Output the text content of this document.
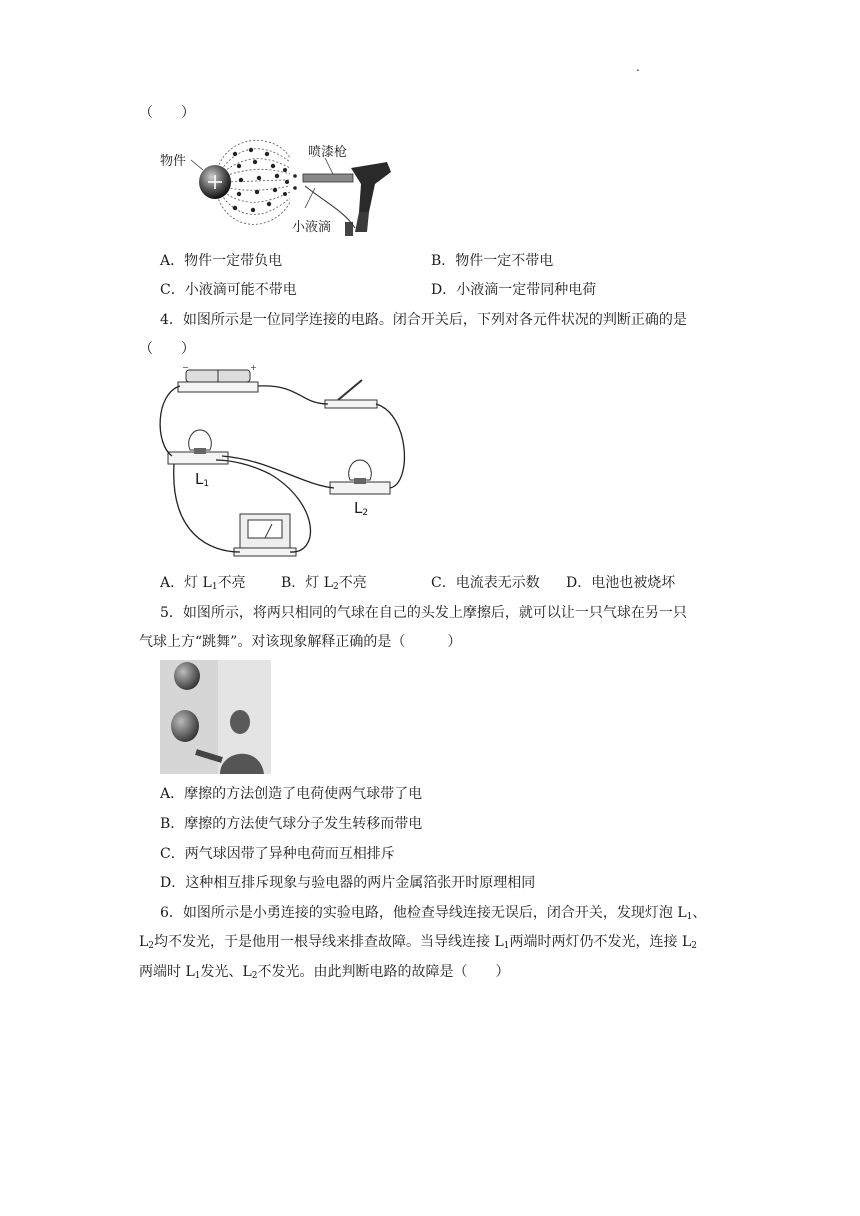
.
（　　）
物件
喷漆枪
小液滴
A．物件一定带负电	B．物件一定不带电
C．小液滴可能不带电	D．小液滴一定带同种电荷
4．如图所示是一位同学连接的电路。闭合开关后，下列对各元件状况的判断正确的是
（　　）
−	+
$L_1$
$L_2$
A．灯 $L_1$不亮	B．灯 $L_2$不亮	C．电流表无示数 D．电池也被烧坏
5．如图所示，将两只相同的气球在自己的头发上摩擦后，就可以让一只气球在另一只
气球上方“跳舞”。对该现象解释正确的是（　　　）
A．摩擦的方法创造了电荷使两气球带了电
B．摩擦的方法使气球分子发生转移而带电
C．两气球因带了异种电荷而互相排斥
D．这种相互排斥现象与验电器的两片金属箔张开时原理相同
6．如图所示是小勇连接的实验电路，他检查导线连接无误后，闭合开关，发现灯泡 $L_1$、
$L_2$均不发光，于是他用一根导线来排查故障。当导线连接 $L_1$两端时两灯仍不发光，连接 $L_2$
两端时 $L_1$发光、$L_2$不发光。由此判断电路的故障是（　　）
